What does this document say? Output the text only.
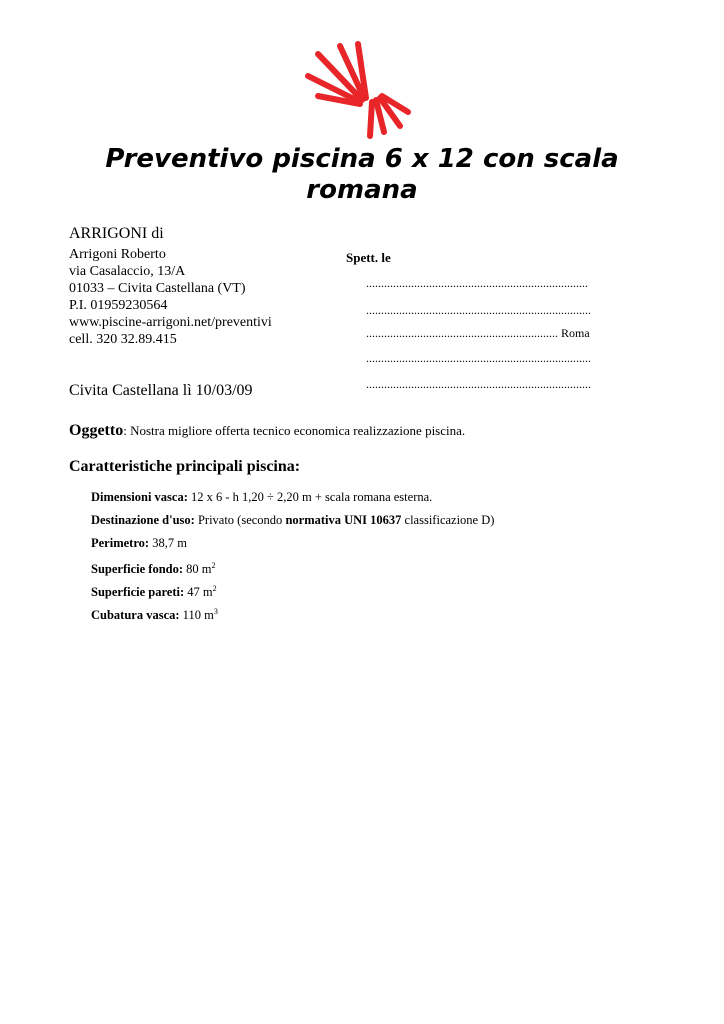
Preventivo piscina 6 x 12 con scala romana
ARRIGONI di
Arrigoni Roberto
via Casalaccio, 13/A
01033 – Civita Castellana (VT)
P.I. 01959230564
www.piscine-arrigoni.net/preventivi
cell. 320 32.89.415
Spett. le
..........................................................................
...........................................................................
................................................................ Roma
...........................................................................
...........................................................................
Civita Castellana lì 10/03/09
Oggetto: Nostra migliore offerta tecnico economica realizzazione piscina.
Caratteristiche principali piscina:
Dimensioni vasca: 12 x 6 - h 1,20 ÷ 2,20 m + scala romana esterna.
Destinazione d'uso: Privato (secondo normativa UNI 10637 classificazione D)
Perimetro: 38,7 m
Superficie fondo: 80 $m^2$
Superficie pareti: 47 $m^2$
Cubatura vasca: 110 $m^3$
